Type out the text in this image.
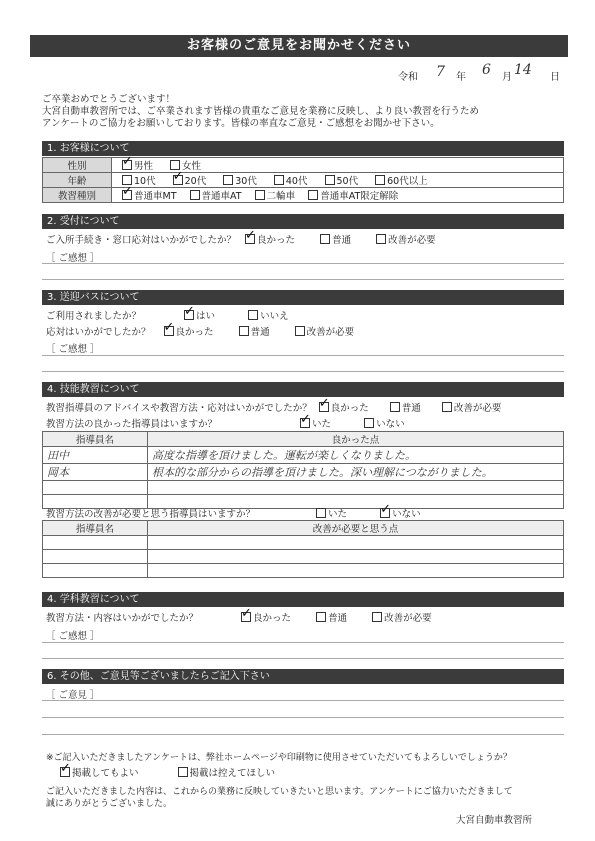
お客様のご意見をお聞かせください
令和 7 年 6 月 14 日
ご卒業おめでとうございます！
大宮自動車教習所では、ご卒業されます皆様の貴重なご意見を業務に反映し、より良い教習を行うため
アンケートのご協力をお願いしております。皆様の率直なご意見・ご感想をお聞かせ下さい。
1. お客様について
性別	✓男性 女性
年齢	10代 ✓ 20代 30代 40代 50代 60代以上
教習種別	✓普通車MT 普通車AT 二輪車 普通車AT限定解除
2. 受付について
ご入所手続き・窓口応対はいかがでしたか？ ✓ 良かった	普通	改善が必要
［ ご感想 ］
3. 送迎バスについて
ご利用されましたか？ ✓	はい	いいえ
応対はいかがでしたか？ ✓	良かった	普通	改善が必要
［ ご感想 ］
4. 技能教習について
教習指導員のアドバイスや教習方法・応対はいかがでしたか？ ✓ 良かった	普通	改善が必要
教習方法の良かった指導員はいますか？ ✓	いた	いない
指導員名	良かった点
田中	高度な指導を頂けました。運転が楽しくなりました。
岡本	根本的な部分からの指導を頂けました。深い理解につながりました。

教習方法の改善が必要と思う指導員はいますか？	いた ✓	いない
指導員名	改善が必要と思う点

4. 学科教習について
教習方法・内容はいかがでしたか？ ✓	良かった	普通	改善が必要
［ ご感想 ］
6. その他、ご意見等ございましたらご記入下さい
［ ご意見 ］
※ご記入いただきましたアンケートは、弊社ホームページや印刷物に使用させていただいてもよろしいでしょうか？
✓掲載してもよい	掲載は控えてほしい
ご記入いただきました内容は、これからの業務に反映していきたいと思います。アンケートにご協力いただきまして
誠にありがとうございました。
大宮自動車教習所
